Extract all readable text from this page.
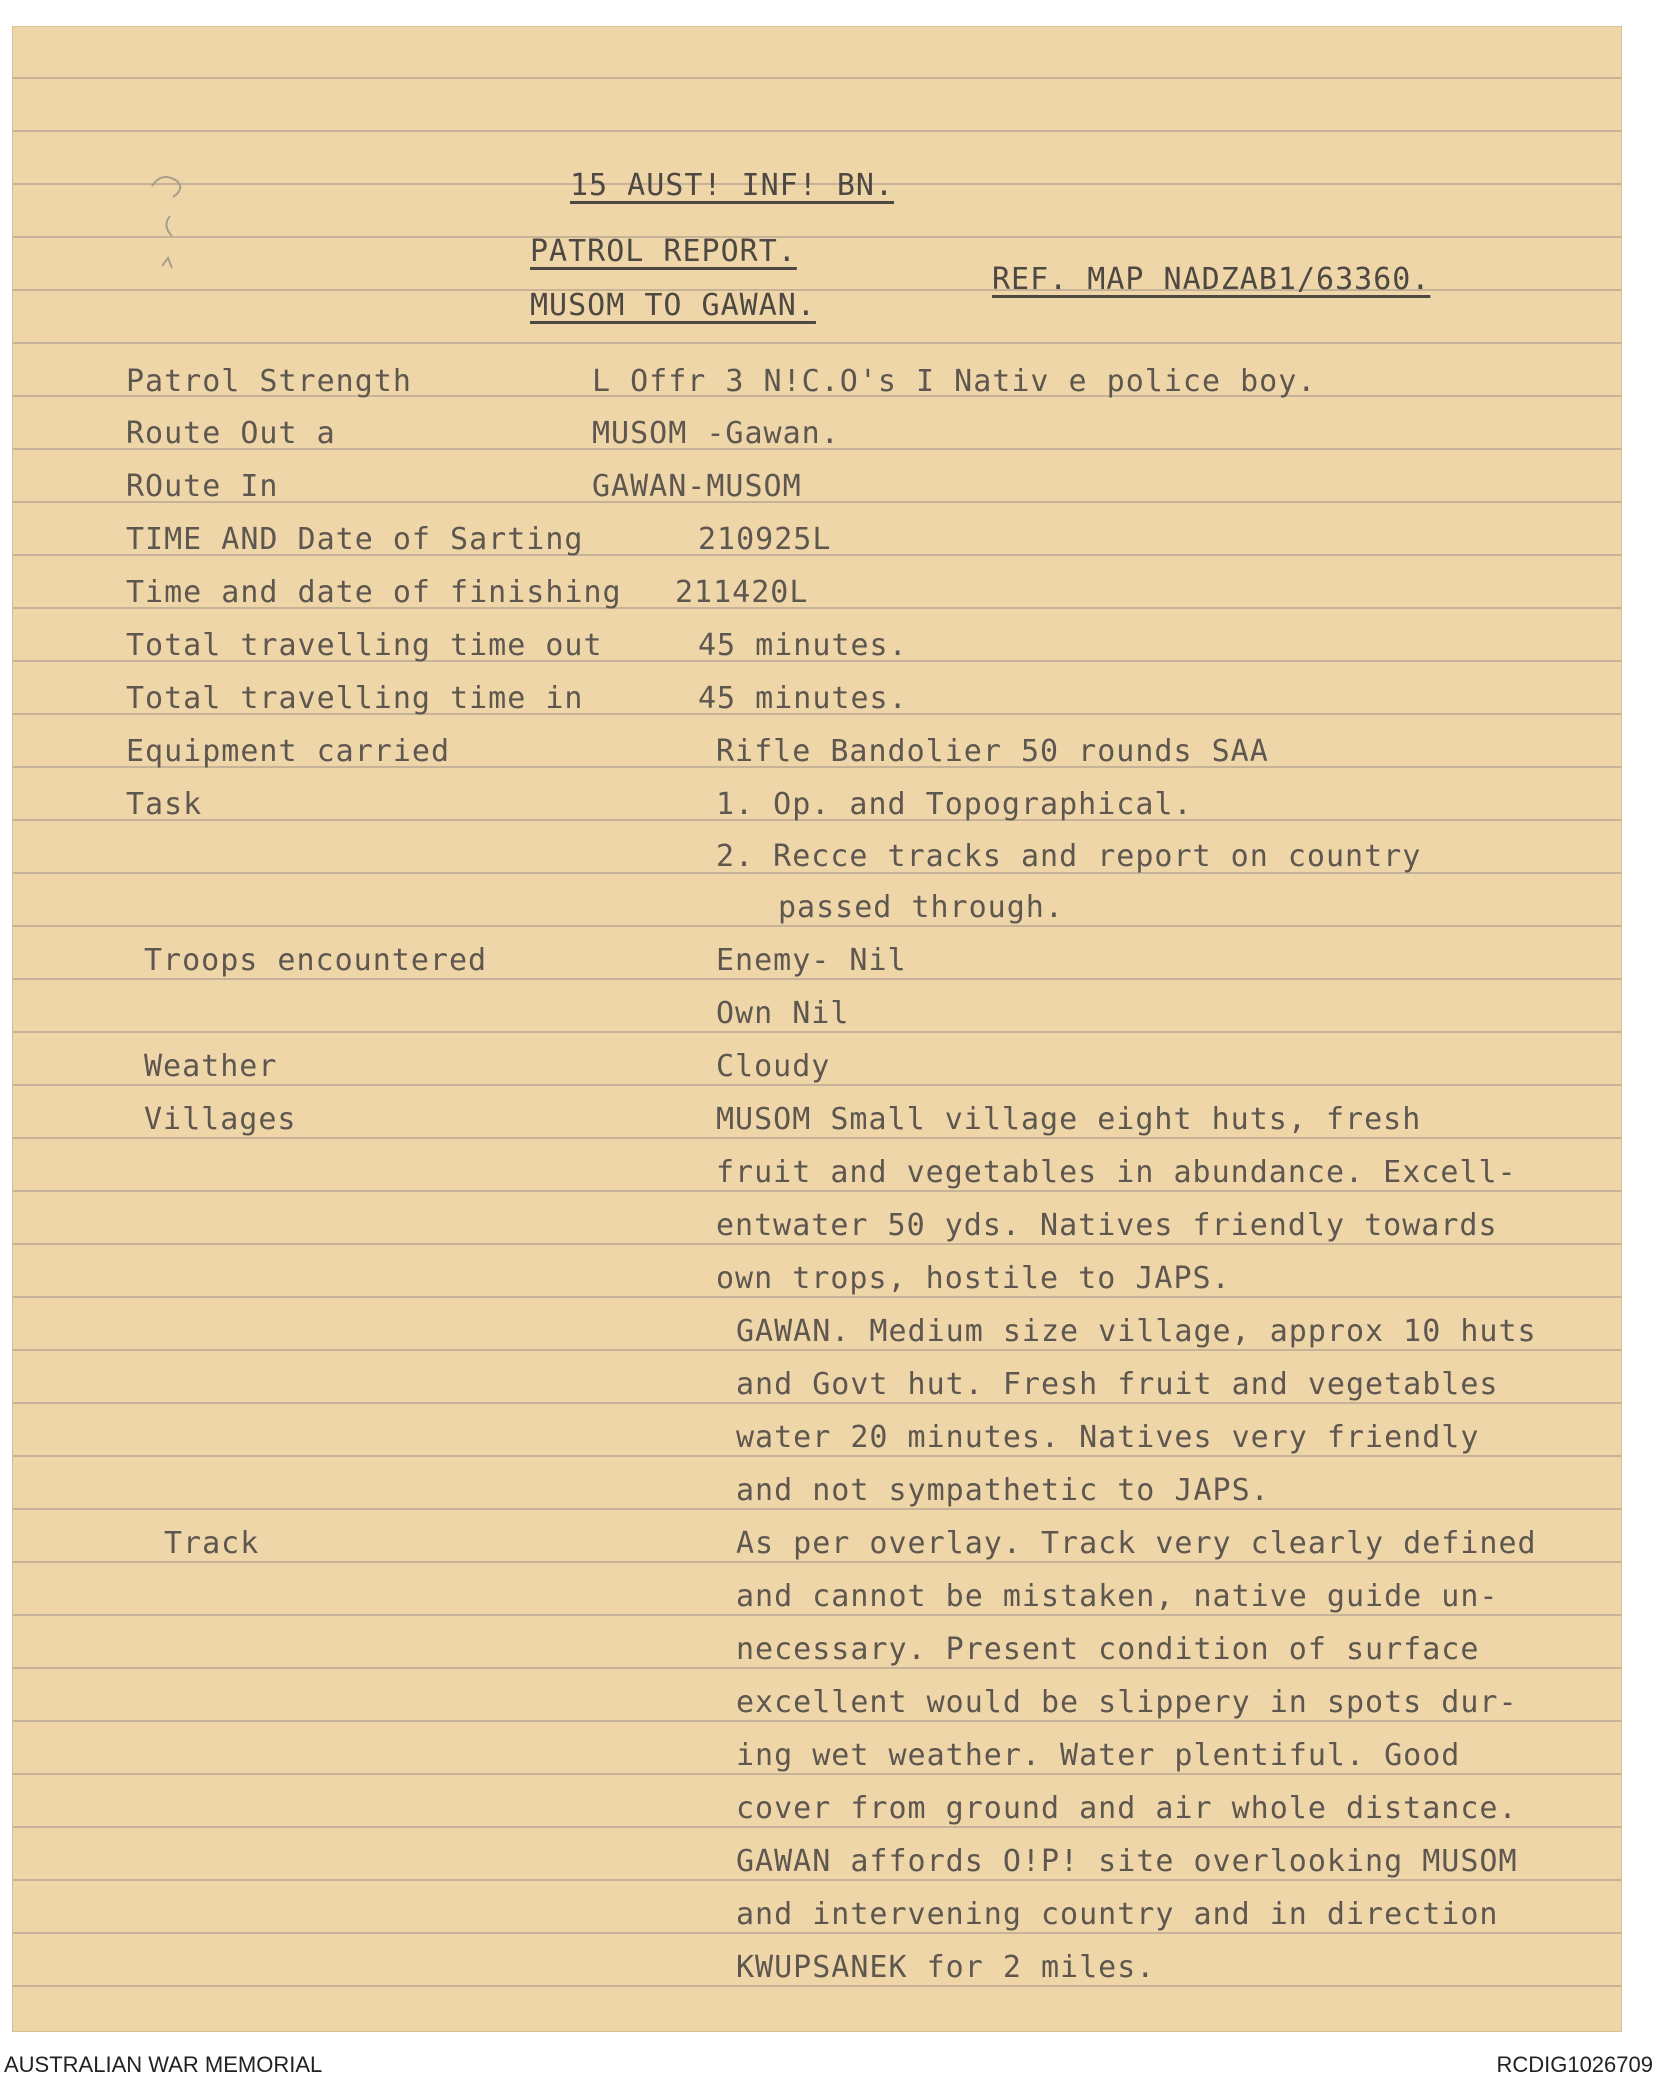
15 AUST! INF! BN.
PATROL REPORT.
MUSOM TO GAWAN.
REF. MAP NADZAB1/63360.
Patrol Strength	L Offr 3 N!C.O's I Nativ e police boy.
Route Out a	MUSOM -Gawan.
ROute In	GAWAN-MUSOM
TIME AND Date of Sarting	210925L
Time and date of finishing 211420L
Total travelling time out	45 minutes.
Total travelling time in	45 minutes.
Equipment carried	Rifle Bandolier 50 rounds SAA
Task	1. Op. and Topographical.
2. Recce tracks and report on country
passed through.
Troops encountered	Enemy- Nil
Own Nil
Weather	Cloudy
Villages	MUSOM Small village eight huts, fresh
fruit and vegetables in abundance. Excell-
entwater 50 yds. Natives friendly towards
own trops, hostile to JAPS.
GAWAN. Medium size village, approx 10 huts
and Govt hut. Fresh fruit and vegetables
water 20 minutes. Natives very friendly
and not sympathetic to JAPS.
Track	As per overlay. Track very clearly defined
and cannot be mistaken, native guide un-
necessary. Present condition of surface
excellent would be slippery in spots dur-
ing wet weather. Water plentiful. Good
cover from ground and air whole distance.
GAWAN affords O!P! site overlooking MUSOM
and intervening country and in direction
KWUPSANEK for 2 miles.
AUSTRALIAN WAR MEMORIAL	RCDIG1026709
